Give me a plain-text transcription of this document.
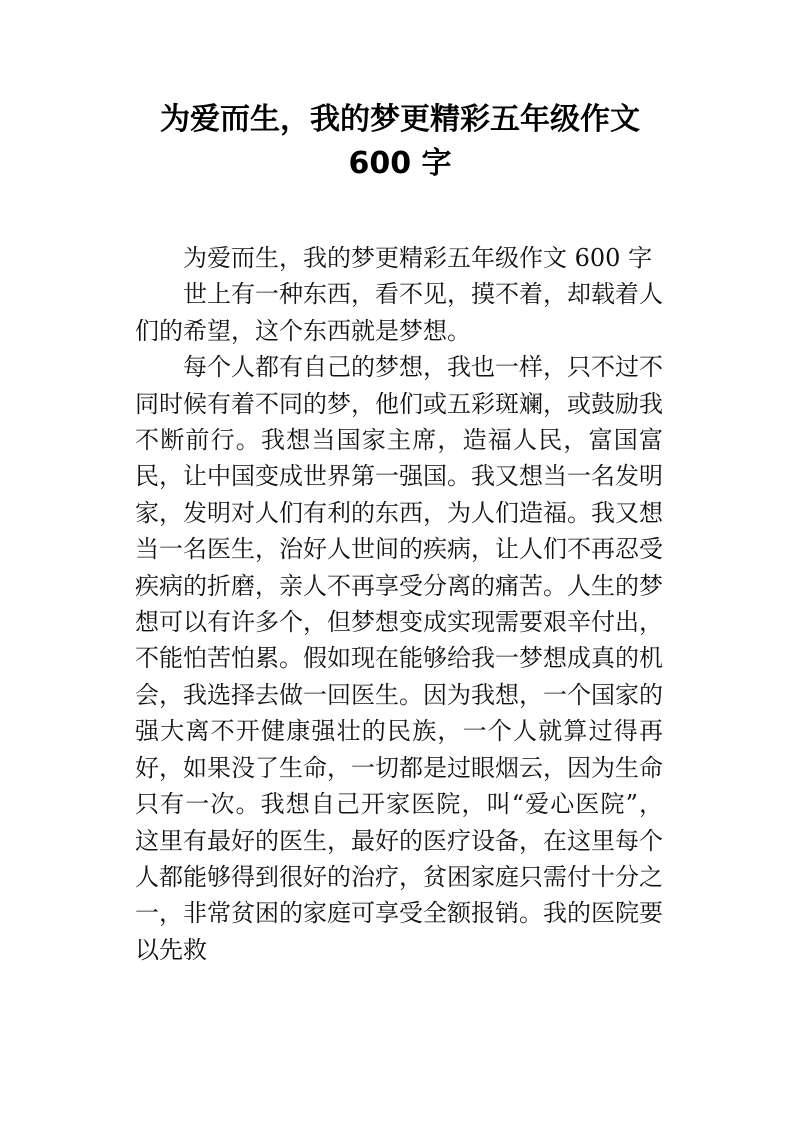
为爱而生，我的梦更精彩五年级作文
600 字

为爱而生，我的梦更精彩五年级作文 600 字

世上有一种东西，看不见，摸不着，却载着人们的希望，这个东西就是梦想。

每个人都有自己的梦想，我也一样，只不过不同时候有着不同的梦，他们或五彩斑斓，或鼓励我不断前行。我想当国家主席，造福人民，富国富民，让中国变成世界第一强国。我又想当一名发明家，发明对人们有利的东西，为人们造福。我又想当一名医生，治好人世间的疾病，让人们不再忍受疾病的折磨，亲人不再享受分离的痛苦。人生的梦想可以有许多个，但梦想变成实现需要艰辛付出，不能怕苦怕累。假如现在能够给我一梦想成真的机会，我选择去做一回医生。因为我想，一个国家的强大离不开健康强壮的民族，一个人就算过得再好，如果没了生命，一切都是过眼烟云，因为生命只有一次。我想自己开家医院，叫“爱心医院”，这里有最好的医生，最好的医疗设备，在这里每个人都能够得到很好的治疗，贫困家庭只需付十分之一，非常贫困的家庭可享受全额报销。我的医院要以先救
